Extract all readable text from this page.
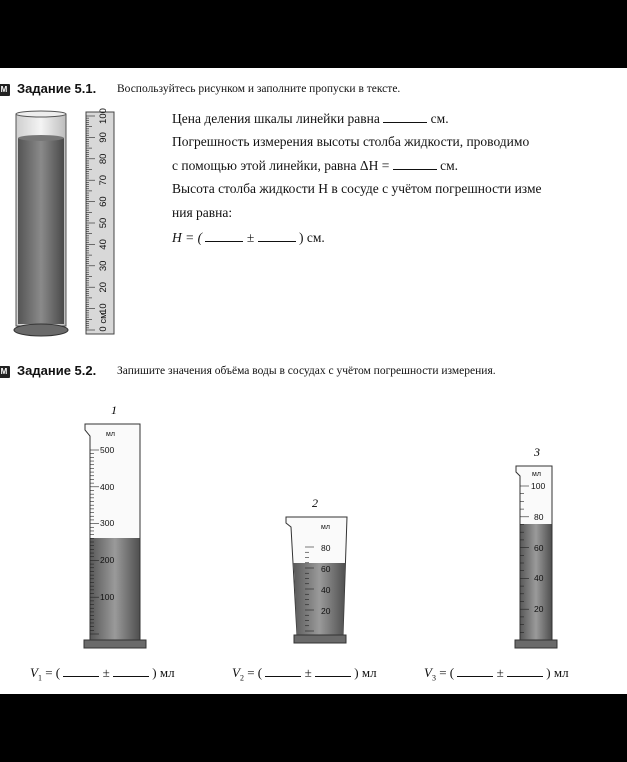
M Задание 5.1. Воспользуйтесь рисунком и заполните пропуски в тексте.
Цена деления шкалы линейки равна	см.
Погрешность измерения высоты столба жидкости, проводимо
с помощью этой линейки, равна ΔH =	см.
Высота столба жидкости H в сосуде с учётом погрешности изме
ния равна:
H = (	±	) см.
0 см
10
20
30
40
50
60
70
80
90
100
M Задание 5.2. Запишите значения объёма воды в сосудах с учётом погрешности измерения.
1
мл
500
400
300
200
100
2
мл
80
60
40
20
3
мл
100
80
60
40
20
$V_1$ = (	±	) мл	$V_2$ = (	±	) мл	$V_3$ = (	±	) мл
